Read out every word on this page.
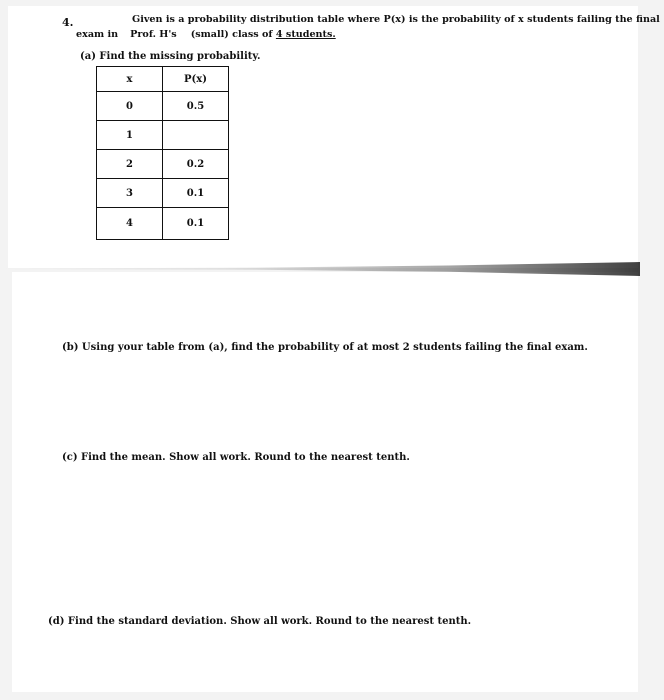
4.	Given is a probability distribution table where P(x) is the probability of x students failing the final
exam in Prof. H's (small) class of 4 students.
(a) Find the missing probability.
x	P(x)
0	0.5
1	
2	0.2
3	0.1
4	0.1
(b) Using your table from (a), find the probability of at most 2 students failing the final exam.
(c) Find the mean. Show all work. Round to the nearest tenth.
(d) Find the standard deviation. Show all work. Round to the nearest tenth.
